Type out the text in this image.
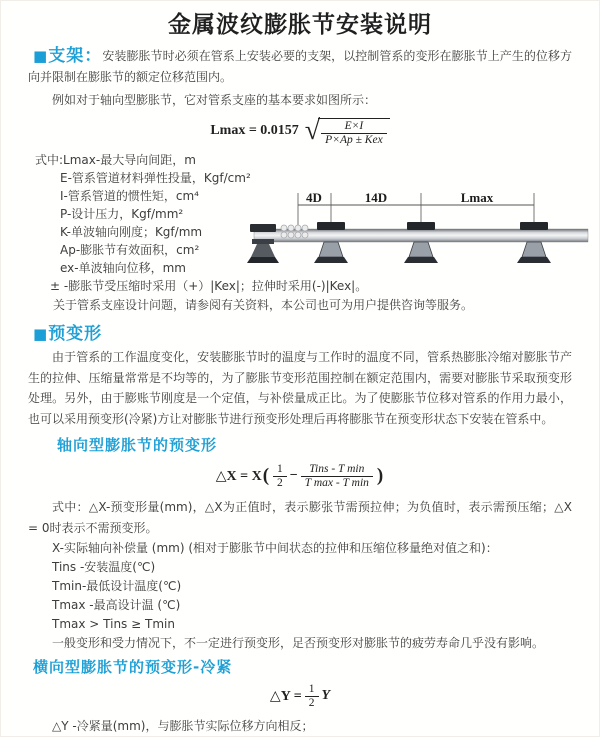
金属波纹膨胀节安装说明

■支架：安装膨胀节时必须在管系上安装必要的支架，以控制管系的变形在膨胀节上产生的位移方向并限制在膨胀节的额定位移范围内。

例如对于轴向型膨胀节，它对管系支座的基本要求如图所示：

Lmax = 0.0157 √ $\frac{E\times I}{\text{P×Ap ± Kex}}$
式中:Lmax-最大导向间距，m
E-管系管道材料弹性投量，Kgf/cm²
I-管系管道的惯性矩，cm⁴
P-设计压力，Kgf/mm²
K-单波轴向刚度；Kgf/mm
Ap-膨胀节有效面积，cm²
ex-单波轴向位移，mm
4D	14D	Lmax

± -膨胀节受压缩时采用（+）|Kex|；拉伸时采用(-)|Kex|。

关于管系支座设计问题，请参阅有关资料，本公司也可为用户提供咨询等服务。

■预变形

由于管系的工作温度变化，安装膨胀节时的温度与工作时的温度不同，管系热膨胀冷缩对膨胀节产生的拉伸、压缩量常常是不均等的，为了膨胀节变形范围控制在额定范围内，需要对膨胀节采取预变形处理。另外，由于膨账节刚度是一个定值，与补偿量成正比。为了使膨胀节位移对管系的作用力最小，也可以采用预变形(冷紧)方让对膨胀节进行预变形处理后再将膨胀节在预变形状态下安装在管系中。

轴向型膨胀节的预变形
△X = X ( $\frac{1}{2} - \frac{\text{Tins - T min}}{\text{T max - T min}}$ )

式中：△X-预变形量(mm)，△X为正值时，表示膨张节需预拉伸；为负值时，表示需预压缩；△X = 0时表示不需预变形。

X-实际轴向补偿量 (mm) (相对于膨胀节中间状态的拉伸和压缩位移量绝对值之和)：

Tins -安装温度(℃)

Tmin-最低设计温度(℃)

Tmax -最高设计温 (℃)

Tmax > Tins ≥ Tmin

一般变形和受力情况下，不一定进行预变形，足否预变形对膨胀节的疲劳寿命几乎没有影响。

横向型膨胀节的预变形-冷紧
△Y = $\frac{1}{2}$ Y

△Y -冷紧量(mm)，与膨胀节实际位移方向相反；
